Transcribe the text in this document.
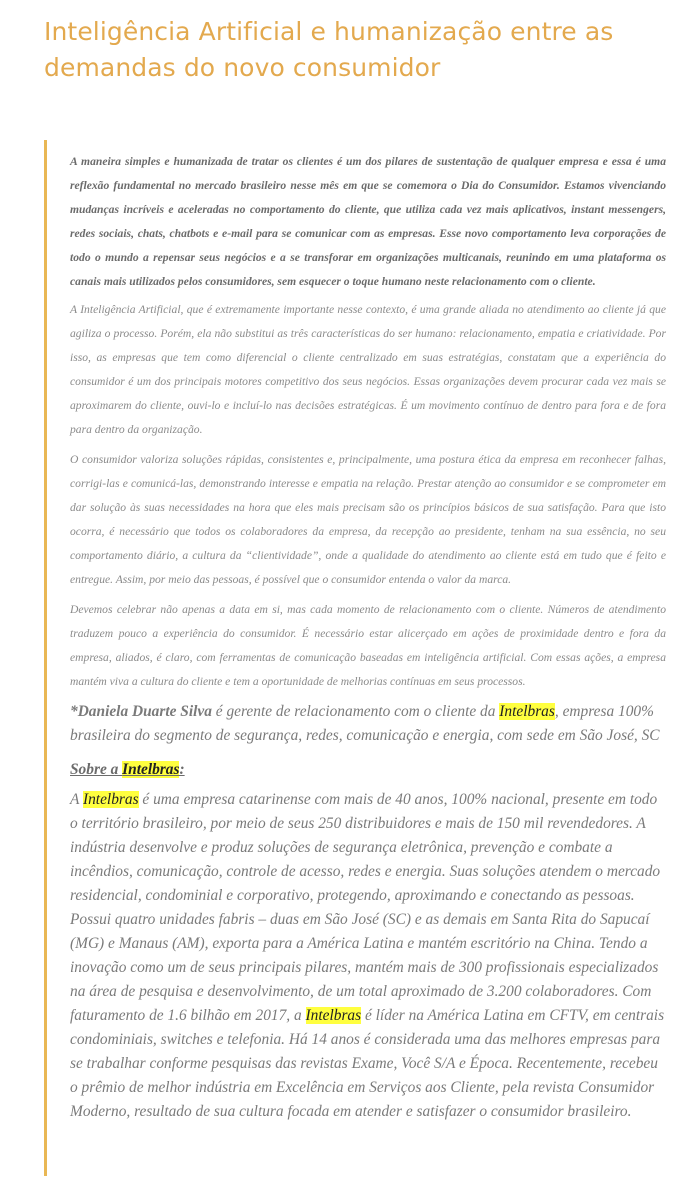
Inteligência Artificial e humanização entre as demandas do novo consumidor

A maneira simples e humanizada de tratar os clientes é um dos pilares de sustentação de qualquer empresa e essa é uma reflexão fundamental no mercado brasileiro nesse mês em que se comemora o Dia do Consumidor. Estamos vivenciando mudanças incríveis e aceleradas no comportamento do cliente, que utiliza cada vez mais aplicativos, instant messengers, redes sociais, chats, chatbots e e-mail para se comunicar com as empresas. Esse novo comportamento leva corporações de todo o mundo a repensar seus negócios e a se transforar em organizações multicanais, reunindo em uma plataforma os canais mais utilizados pelos consumidores, sem esquecer o toque humano neste relacionamento com o cliente.

A Inteligência Artificial, que é extremamente importante nesse contexto, é uma grande aliada no atendimento ao cliente já que agiliza o processo. Porém, ela não substitui as três características do ser humano: relacionamento, empatia e criatividade. Por isso, as empresas que tem como diferencial o cliente centralizado em suas estratégias, constatam que a experiência do consumidor é um dos principais motores competitivo dos seus negócios. Essas organizações devem procurar cada vez mais se aproximarem do cliente, ouvi-lo e incluí-lo nas decisões estratégicas. É um movimento contínuo de dentro para fora e de fora para dentro da organização.

O consumidor valoriza soluções rápidas, consistentes e, principalmente, uma postura ética da empresa em reconhecer falhas, corrigi-las e comunicá-las, demonstrando interesse e empatia na relação. Prestar atenção ao consumidor e se comprometer em dar solução às suas necessidades na hora que eles mais precisam são os princípios básicos de sua satisfação. Para que isto ocorra, é necessário que todos os colaboradores da empresa, da recepção ao presidente, tenham na sua essência, no seu comportamento diário, a cultura da “clientividade”, onde a qualidade do atendimento ao cliente está em tudo que é feito e entregue. Assim, por meio das pessoas, é possível que o consumidor entenda o valor da marca.

Devemos celebrar não apenas a data em si, mas cada momento de relacionamento com o cliente. Números de atendimento traduzem pouco a experiência do consumidor. É necessário estar alicerçado em ações de proximidade dentro e fora da empresa, aliados, é claro, com ferramentas de comunicação baseadas em inteligência artificial. Com essas ações, a empresa mantém viva a cultura do cliente e tem a oportunidade de melhorias contínuas em seus processos.

*Daniela Duarte Silva é gerente de relacionamento com o cliente da Intelbras, empresa 100% brasileira do segmento de segurança, redes, comunicação e energia, com sede em São José, SC

Sobre a Intelbras:

A Intelbras é uma empresa catarinense com mais de 40 anos, 100% nacional, presente em todo o território brasileiro, por meio de seus 250 distribuidores e mais de 150 mil revendedores. A indústria desenvolve e produz soluções de segurança eletrônica, prevenção e combate a incêndios, comunicação, controle de acesso, redes e energia. Suas soluções atendem o mercado residencial, condominial e corporativo, protegendo, aproximando e conectando as pessoas. Possui quatro unidades fabris – duas em São José (SC) e as demais em Santa Rita do Sapucaí (MG) e Manaus (AM), exporta para a América Latina e mantém escritório na China. Tendo a inovação como um de seus principais pilares, mantém mais de 300 profissionais especializados na área de pesquisa e desenvolvimento, de um total aproximado de 3.200 colaboradores. Com faturamento de 1.6 bilhão em 2017, a Intelbras é líder na América Latina em CFTV, em centrais condominiais, switches e telefonia. Há 14 anos é considerada uma das melhores empresas para se trabalhar conforme pesquisas das revistas Exame, Você S/A e Época. Recentemente, recebeu o prêmio de melhor indústria em Excelência em Serviços aos Cliente, pela revista Consumidor Moderno, resultado de sua cultura focada em atender e satisfazer o consumidor brasileiro.
